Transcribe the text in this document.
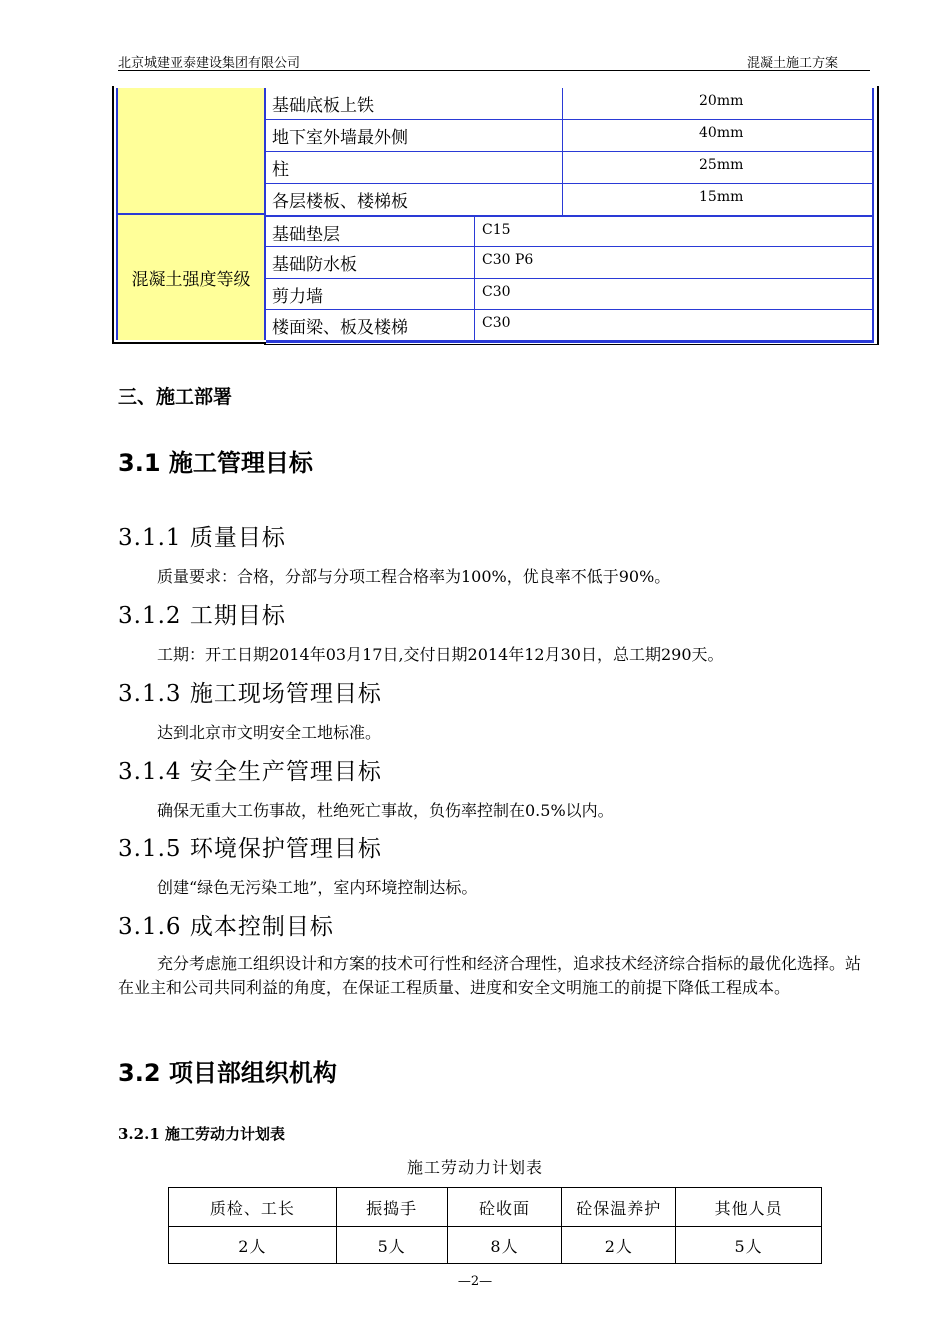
北京城建亚泰建设集团有限公司	混凝土施工方案
混凝土强度等级
基础底板上铁	20mm
地下室外墙最外侧	40mm
柱	25mm
各层楼板、楼梯板	15mm
基础垫层	C15
基础防水板	C30 P6
剪力墙	C30
楼面梁、板及楼梯	C30
三、施工部署
3.1 施工管理目标
3.1.1 质量目标
质量要求：合格，分部与分项工程合格率为100%，优良率不低于90%。
3.1.2 工期目标
工期：开工日期2014年03月17日,交付日期2014年12月30日，总工期290天。
3.1.3 施工现场管理目标
达到北京市文明安全工地标准。
3.1.4 安全生产管理目标
确保无重大工伤事故，杜绝死亡事故，负伤率控制在0.5%以内。
3.1.5 环境保护管理目标
创建“绿色无污染工地”，室内环境控制达标。
3.1.6 成本控制目标
充分考虑施工组织设计和方案的技术可行性和经济合理性，追求技术经济综合指标的最优化选择。站在业主和公司共同利益的角度，在保证工程质量、进度和安全文明施工的前提下降低工程成本。
3.2 项目部组织机构
3.2.1 施工劳动力计划表
施工劳动力计划表
质检、工长	振捣手	砼收面	砼保温养护	其他人员
2人	5人	8人	2人	5人
—2—
